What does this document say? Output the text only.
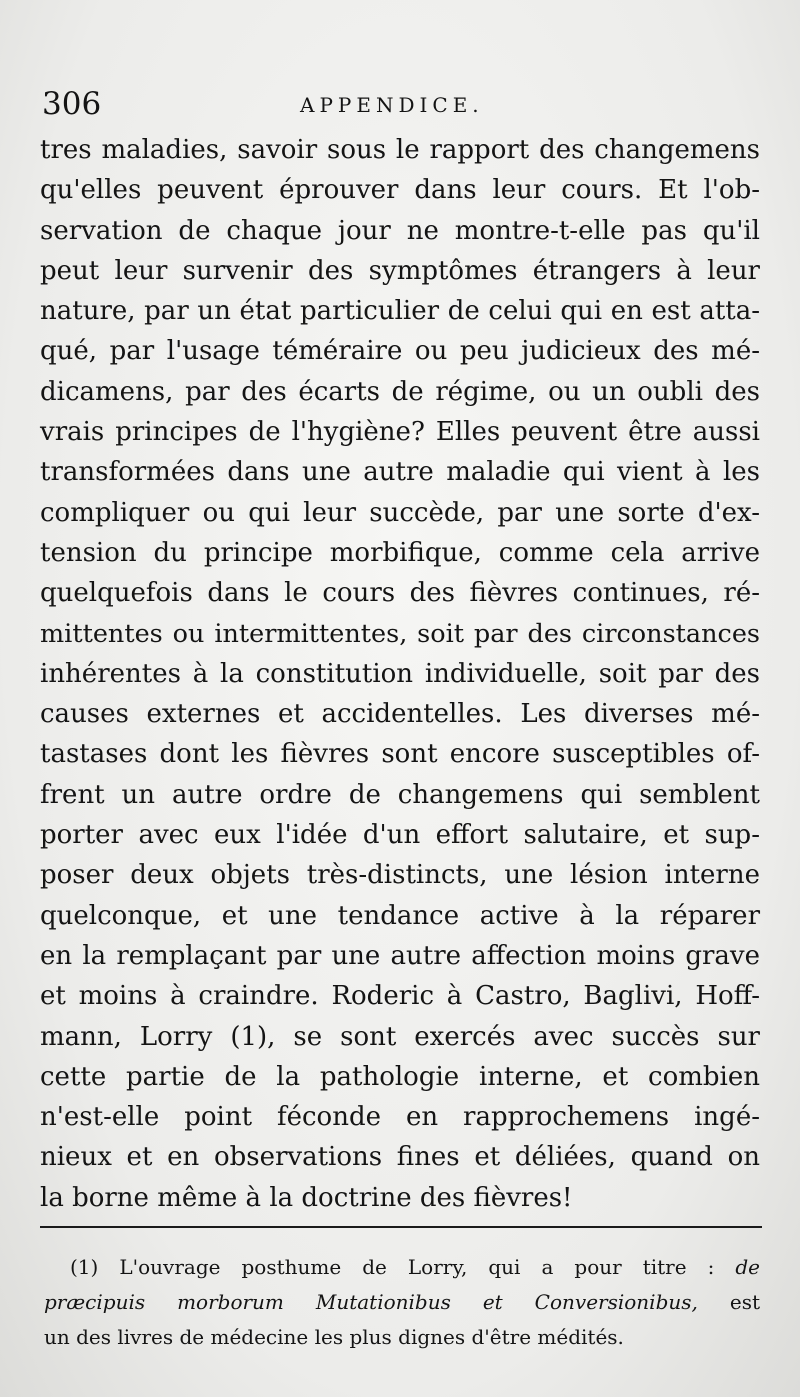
306	APPENDICE.
tres maladies, savoir sous le rapport des changemens
qu'elles peuvent éprouver dans leur cours. Et l'ob-
servation de chaque jour ne montre-t-elle pas qu'il
peut leur survenir des symptômes étrangers à leur
nature, par un état particulier de celui qui en est atta-
qué, par l'usage téméraire ou peu judicieux des mé-
dicamens, par des écarts de régime, ou un oubli des
vrais principes de l'hygiène? Elles peuvent être aussi
transformées dans une autre maladie qui vient à les
compliquer ou qui leur succède, par une sorte d'ex-
tension du principe morbifique, comme cela arrive
quelquefois dans le cours des fièvres continues, ré-
mittentes ou intermittentes, soit par des circonstances
inhérentes à la constitution individuelle, soit par des
causes externes et accidentelles. Les diverses mé-
tastases dont les fièvres sont encore susceptibles of-
frent un autre ordre de changemens qui semblent
porter avec eux l'idée d'un effort salutaire, et sup-
poser deux objets très-distincts, une lésion interne
quelconque, et une tendance active à la réparer
en la remplaçant par une autre affection moins grave
et moins à craindre. Roderic à Castro, Baglivi, Hoff-
mann, Lorry (1), se sont exercés avec succès sur
cette partie de la pathologie interne, et combien
n'est-elle point féconde en rapprochemens ingé-
nieux et en observations fines et déliées, quand on
la borne même à la doctrine des fièvres!
(1) L'ouvrage posthume de Lorry, qui a pour titre : de
præcipuis morborum Mutationibus et Conversionibus, est
un des livres de médecine les plus dignes d'être médités.
